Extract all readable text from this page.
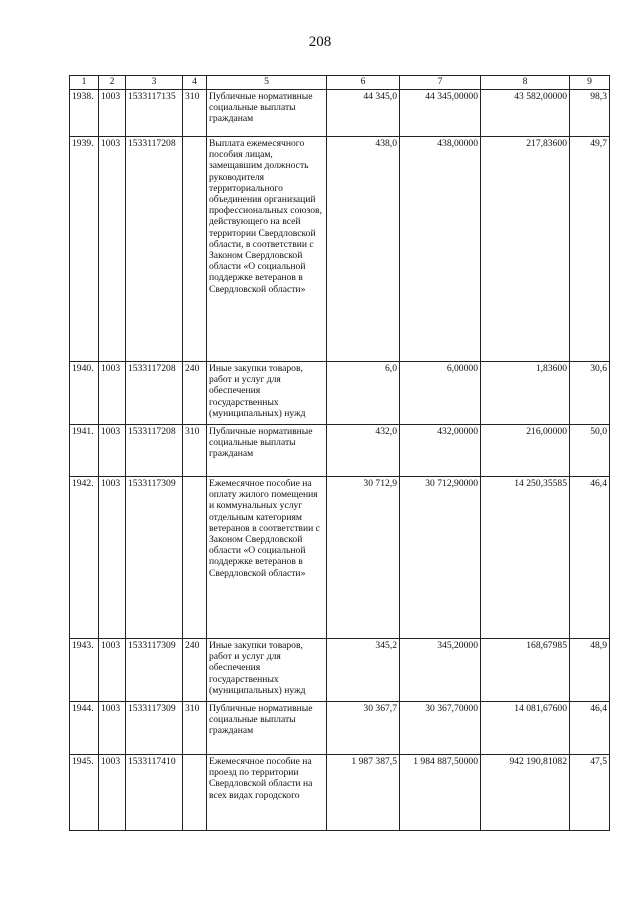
208
1	2	3	4	5	6	7	8	9
1938.	1003	1533117135	310	Публичные нормативные социальные выплаты гражданам	44 345,0	44 345,00000	43 582,00000	98,3
1939.	1003	1533117208		Выплата ежемесячного пособия лицам, замещавшим должность руководителя территориального объединения организаций профессиональных союзов, действующего на всей территории Свердловской области, в соответствии с Законом Свердловской области «О социальной поддержке ветеранов в Свердловской области»	438,0	438,00000	217,83600	49,7
1940.	1003	1533117208	240	Иные закупки товаров, работ и услуг для обеспечения государственных (муниципальных) нужд	6,0	6,00000	1,83600	30,6
1941.	1003	1533117208	310	Публичные нормативные социальные выплаты гражданам	432,0	432,00000	216,00000	50,0
1942.	1003	1533117309		Ежемесячное пособие на оплату жилого помещения и коммунальных услуг отдельным категориям ветеранов в соответствии с Законом Свердловской области «О социальной поддержке ветеранов в Свердловской области»	30 712,9	30 712,90000	14 250,35585	46,4
1943.	1003	1533117309	240	Иные закупки товаров, работ и услуг для обеспечения государственных (муниципальных) нужд	345,2	345,20000	168,67985	48,9
1944.	1003	1533117309	310	Публичные нормативные социальные выплаты гражданам	30 367,7	30 367,70000	14 081,67600	46,4
1945.	1003	1533117410		Ежемесячное пособие на проезд по территории Свердловской области на всех видах городского	1 987 387,5	1 984 887,50000	942 190,81082	47,5
